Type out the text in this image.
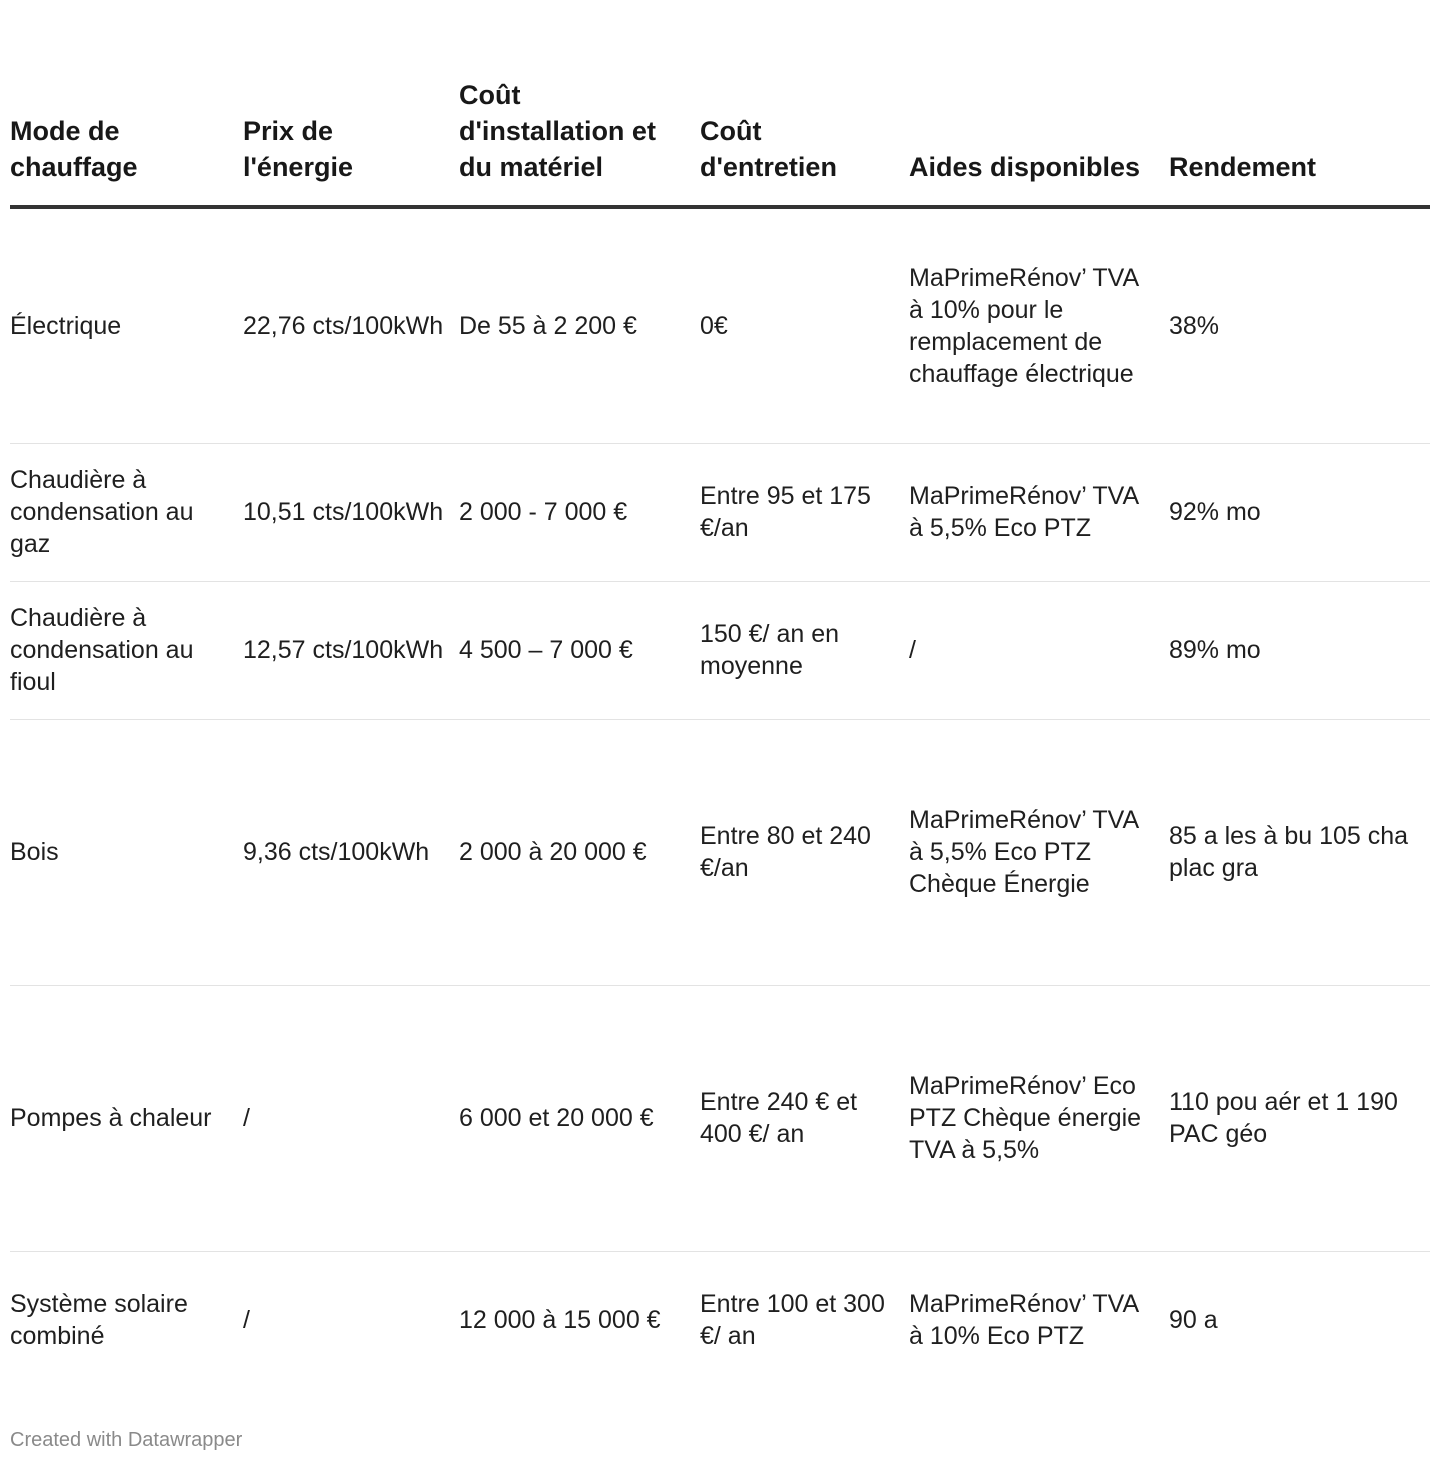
Mode de chauffage	Prix de l'énergie	Coût d'installation et du matériel	Coût d'entretien	Aides disponibles	Rendement
Électrique	22,76 cts/100kWh	De 55 à 2 200 €	0€	MaPrimeRénov’ TVA à 10% pour le remplacement de chauffage électrique	38%
Chaudière à condensation au gaz	10,51 cts/100kWh	2 000 - 7 000 €	Entre 95 et 175 €/an	MaPrimeRénov’ TVA à 5,5% Eco PTZ	92% mo
Chaudière à condensation au fioul	12,57 cts/100kWh	4 500 – 7 000 €	150 €/ an en moyenne	/	89% mo
Bois	9,36 cts/100kWh	2 000 à 20 000 €	Entre 80 et 240 €/an	MaPrimeRénov’ TVA à 5,5% Eco PTZ Chèque Énergie	85 a les à bu 105 cha plac gra
Pompes à chaleur	/	6 000 et 20 000 €	Entre 240 € et 400 €/ an	MaPrimeRénov’ Eco PTZ Chèque énergie TVA à 5,5%	110 pou aér et 1 190 PAC géo
Système solaire combiné	/	12 000 à 15 000 €	Entre 100 et 300 €/ an	MaPrimeRénov’ TVA à 10% Eco PTZ	90 a
Created with Datawrapper
